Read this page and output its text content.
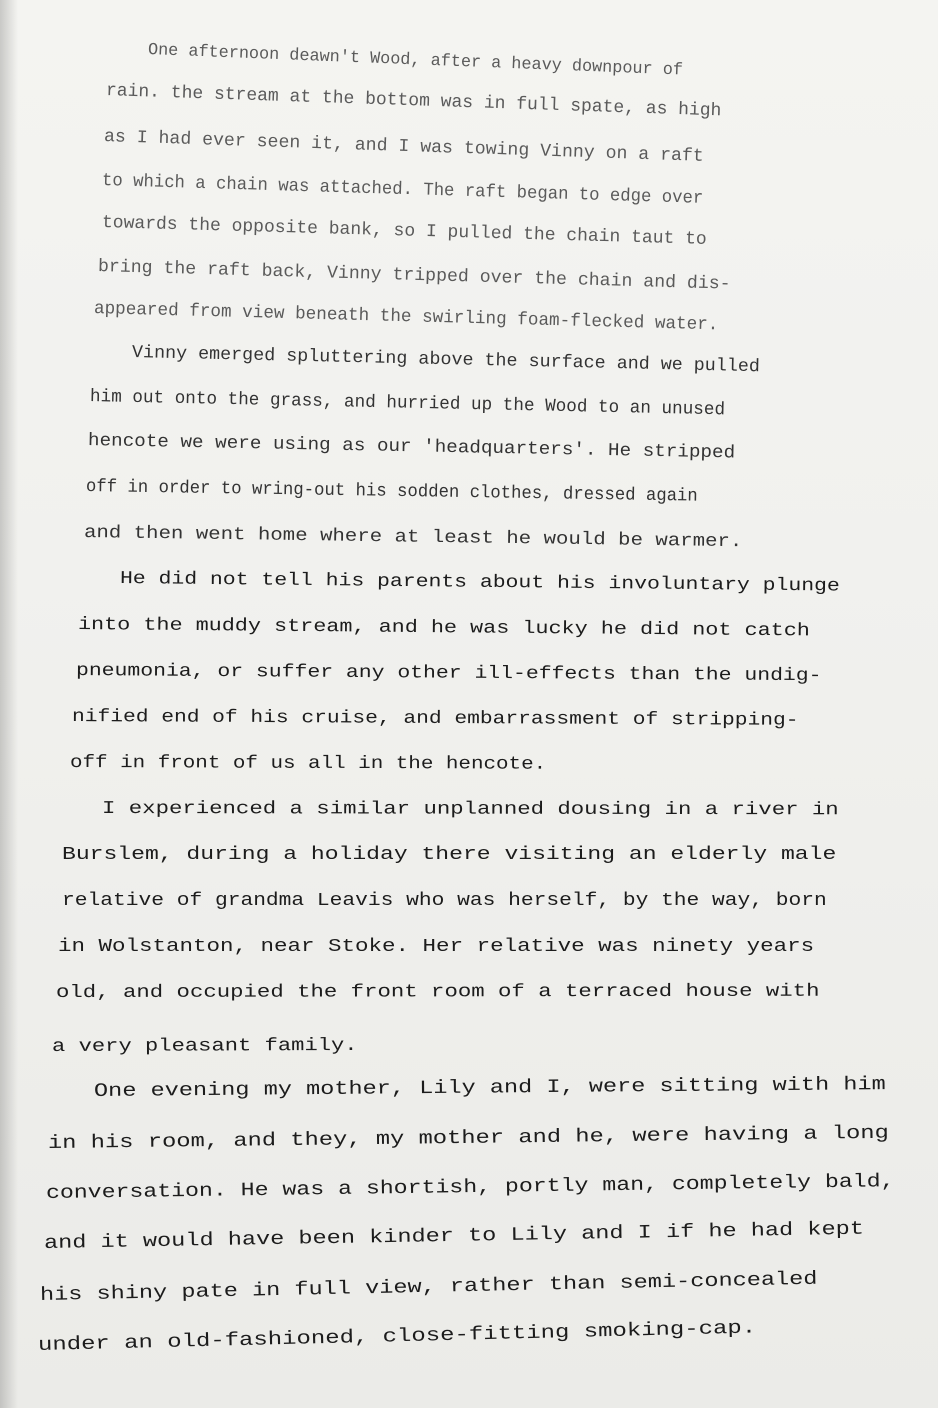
One afternoon deawn't Wood, after a heavy downpour of
rain. the stream at the bottom was in full spate, as high
as I had ever seen it, and I was towing Vinny on a raft
to which a chain was attached. The raft began to edge over
towards the opposite bank, so I pulled the chain taut to
bring the raft back, Vinny tripped over the chain and dis-
appeared from view beneath the swirling foam-flecked water.
Vinny emerged spluttering above the surface and we pulled
him out onto the grass, and hurried up the Wood to an unused
hencote we were using as our 'headquarters'. He stripped
off in order to wring-out his sodden clothes, dressed again
and then went home where at least he would be warmer.
He did not tell his parents about his involuntary plunge
into the muddy stream, and he was lucky he did not catch
pneumonia, or suffer any other ill-effects than the undig-
nified end of his cruise, and embarrassment of stripping-
off in front of us all in the hencote.
I experienced a similar unplanned dousing in a river in
Burslem, during a holiday there visiting an elderly male
relative of grandma Leavis who was herself, by the way, born
in Wolstanton, near Stoke. Her relative was ninety years
old, and occupied the front room of a terraced house with
a very pleasant family.
One evening my mother, Lily and I, were sitting with him
in his room, and they, my mother and he, were having a long
conversation. He was a shortish, portly man, completely bald,
and it would have been kinder to Lily and I if he had kept
his shiny pate in full view, rather than semi-concealed
under an old-fashioned, close-fitting smoking-cap.
